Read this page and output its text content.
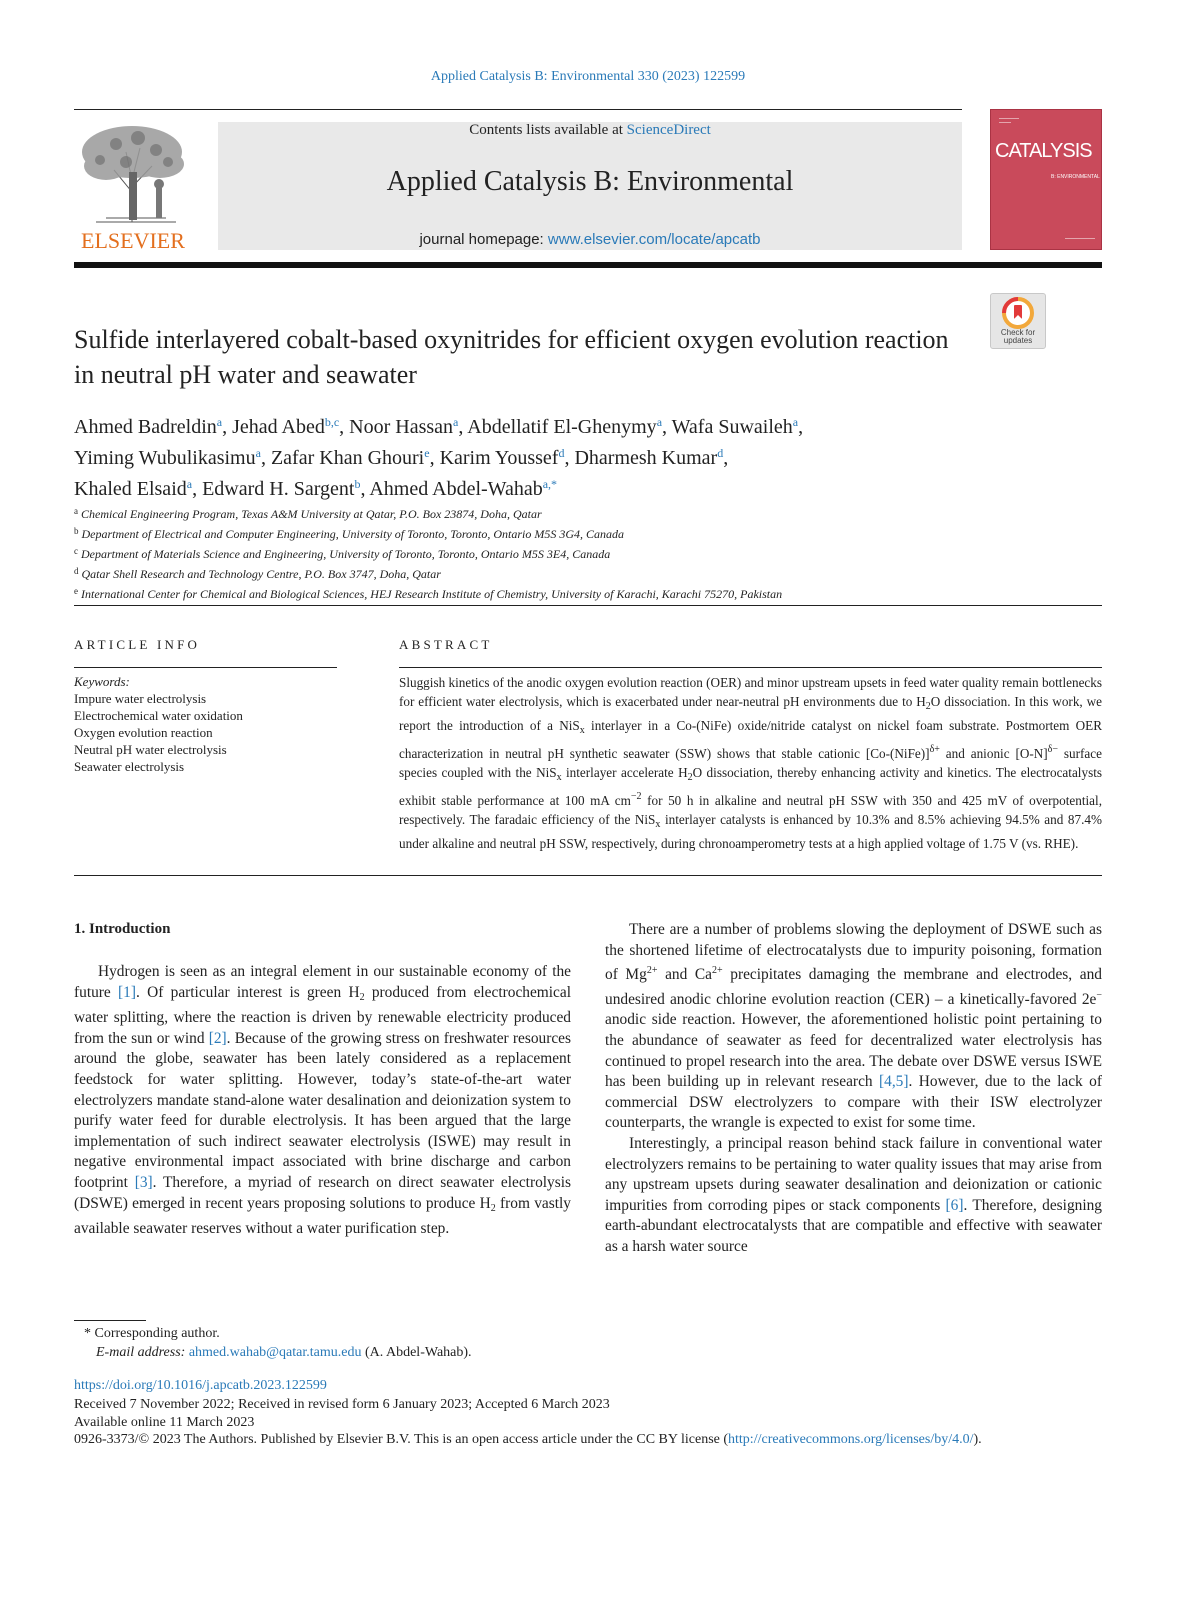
Applied Catalysis B: Environmental 330 (2023) 122599
ELSEVIER
Contents lists available at ScienceDirect
Applied Catalysis B: Environmental
journal homepage: www.elsevier.com/locate/apcatb
CATALYSIS
B: ENVIRONMENTAL
Check for
updates
Sulfide interlayered cobalt-based oxynitrides for efficient oxygen evolution reaction in neutral pH water and seawater
Ahmed Badreldin$^a$, Jehad Abed$^{b,c}$, Noor Hassan$^a$, Abdellatif El-Ghenymy$^a$, Wafa Suwaileh$^a$,
Yiming Wubulikasimu$^a$, Zafar Khan Ghouri$^e$, Karim Youssef$^d$, Dharmesh Kumar$^d$,
Khaled Elsaid$^a$, Edward H. Sargent$^b$, Ahmed Abdel-Wahab$^{a,*}$
$^a$ Chemical Engineering Program, Texas A&M University at Qatar, P.O. Box 23874, Doha, Qatar
$^b$ Department of Electrical and Computer Engineering, University of Toronto, Toronto, Ontario M5S 3G4, Canada
$^c$ Department of Materials Science and Engineering, University of Toronto, Toronto, Ontario M5S 3E4, Canada
$^d$ Qatar Shell Research and Technology Centre, P.O. Box 3747, Doha, Qatar
$^e$ International Center for Chemical and Biological Sciences, HEJ Research Institute of Chemistry, University of Karachi, Karachi 75270, Pakistan
ARTICLE INFO	ABSTRACT
Keywords:
Impure water electrolysis
Electrochemical water oxidation
Oxygen evolution reaction
Neutral pH water electrolysis
Seawater electrolysis
Sluggish kinetics of the anodic oxygen evolution reaction (OER) and minor upstream upsets in feed water quality remain bottlenecks for efficient water electrolysis, which is exacerbated under near-neutral pH environments due to $H_2O$ dissociation. In this work, we report the introduction of a NiS$_x$ interlayer in a Co-(NiFe) oxide/nitride catalyst on nickel foam substrate. Postmortem OER characterization in neutral pH synthetic seawater (SSW) shows that stable cationic [Co-(NiFe)]$^{\delta+}$ and anionic $[O-N]^{\delta-}$ surface species coupled with the NiS$_x$ interlayer accelerate $H_2O$ dissociation, thereby enhancing activity and kinetics. The electrocatalysts exhibit stable performance at 100 mA $cm^{-2}$ for 50 h in alkaline and neutral pH SSW with 350 and 425 mV of overpotential, respectively. The faradaic efficiency of the NiS$_x$ interlayer catalysts is enhanced by 10.3% and 8.5% achieving 94.5% and 87.4% under alkaline and neutral pH SSW, respectively, during chronoamperometry tests at a high applied voltage of 1.75 V (vs. RHE).
1. Introduction

Hydrogen is seen as an integral element in our sustainable economy of the future [1]. Of particular interest is green $H_2$ produced from electrochemical water splitting, where the reaction is driven by renewable electricity produced from the sun or wind [2]. Because of the growing stress on freshwater resources around the globe, seawater has been lately considered as a replacement feedstock for water splitting. However, today’s state-of-the-art water electrolyzers mandate stand-alone water desalination and deionization system to purify water feed for durable electrolysis. It has been argued that the large implementation of such indirect seawater electrolysis (ISWE) may result in negative environmental impact associated with brine discharge and carbon footprint [3]. Therefore, a myriad of research on direct seawater electrolysis (DSWE) emerged in recent years proposing solutions to produce $H_2$ from vastly available seawater reserves without a water purification step.

There are a number of problems slowing the deployment of DSWE such as the shortened lifetime of electrocatalysts due to impurity poisoning, formation of $Mg^{2+}$ and $Ca^{2+}$ precipitates damaging the membrane and electrodes, and undesired anodic chlorine evolution reaction (CER) – a kinetically-favored 2e− anodic side reaction. However, the aforementioned holistic point pertaining to the abundance of seawater as feed for decentralized water electrolysis has continued to propel research into the area. The debate over DSWE versus ISWE has been building up in relevant research [4,5]. However, due to the lack of commercial DSW electrolyzers to compare with their ISW electrolyzer counterparts, the wrangle is expected to exist for some time.

Interestingly, a principal reason behind stack failure in conventional water electrolyzers remains to be pertaining to water quality issues that may arise from any upstream upsets during seawater desalination and deionization or cationic impurities from corroding pipes or stack components [6]. Therefore, designing earth-abundant electrocatalysts that are compatible and effective with seawater as a harsh water source

* Corresponding author.
E-mail address: ahmed.wahab@qatar.tamu.edu (A. Abdel-Wahab).
https://doi.org/10.1016/j.apcatb.2023.122599
Received 7 November 2022; Received in revised form 6 January 2023; Accepted 6 March 2023
Available online 11 March 2023
0926-3373/© 2023 The Authors. Published by Elsevier B.V. This is an open access article under the CC BY license (http://creativecommons.org/licenses/by/4.0/).
